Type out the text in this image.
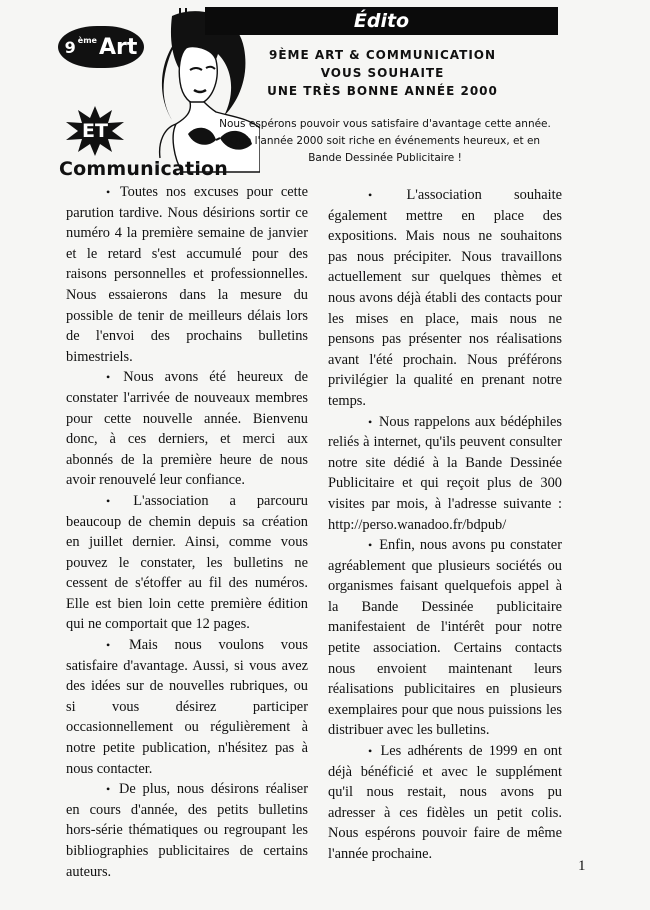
9 ème Art
ET
Communication
Édito
9ÈME ART & COMMUNICATION
VOUS SOUHAITE
UNE TRÈS BONNE ANNÉE 2000
Nous espérons pouvoir vous satisfaire d'avantage cette année.
Que l'année 2000 soit riche en événements heureux, et en
Bande Dessinée Publicitaire !

• Toutes nos excuses pour cette parution tardive. Nous désirions sortir ce numéro 4 la première semaine de janvier et le retard s'est accumulé pour des raisons personnelles et professionnelles. Nous essaierons dans la mesure du possible de tenir de meilleurs délais lors de l'envoi des prochains bulletins bimestriels.

• Nous avons été heureux de constater l'arrivée de nouveaux membres pour cette nouvelle année. Bienvenu donc, à ces derniers, et merci aux abonnés de la première heure de nous avoir renouvelé leur confiance.

• L'association a parcouru beaucoup de chemin depuis sa création en juillet dernier. Ainsi, comme vous pouvez le constater, les bulletins ne cessent de s'étoffer au fil des numéros. Elle est bien loin cette première édition qui ne comportait que 12 pages.

• Mais nous voulons vous satisfaire d'avantage. Aussi, si vous avez des idées sur de nouvelles rubriques, ou si vous désirez participer occasionnellement ou régulièrement à notre petite publication, n'hésitez pas à nous contacter.

• De plus, nous désirons réaliser en cours d'année, des petits bulletins hors-série thématiques ou regroupant les bibliographies publicitaires de certains auteurs.

• L'association souhaite également mettre en place des expositions. Mais nous ne souhaitons pas nous précipiter. Nous travaillons actuellement sur quelques thèmes et nous avons déjà établi des contacts pour les mises en place, mais nous ne pensons pas présenter nos réalisations avant l'été prochain. Nous préférons privilégier la qualité en prenant notre temps.

• Nous rappelons aux bédéphiles reliés à internet, qu'ils peuvent consulter notre site dédié à la Bande Dessinée Publicitaire et qui reçoit plus de 300 visites par mois, à l'adresse suivante : http://perso.wanadoo.fr/bdpub/

• Enfin, nous avons pu constater agréablement que plusieurs sociétés ou organismes faisant quelquefois appel à la Bande Dessinée publicitaire manifestaient de l'intérêt pour notre petite association. Certains contacts nous envoient maintenant leurs réalisations publicitaires en plusieurs exemplaires pour que nous puissions les distribuer avec les bulletins.

• Les adhérents de 1999 en ont déjà bénéficié et avec le supplément qu'il nous restait, nous avons pu adresser à ces fidèles un petit colis. Nous espérons pouvoir faire de même l'année prochaine.

1
